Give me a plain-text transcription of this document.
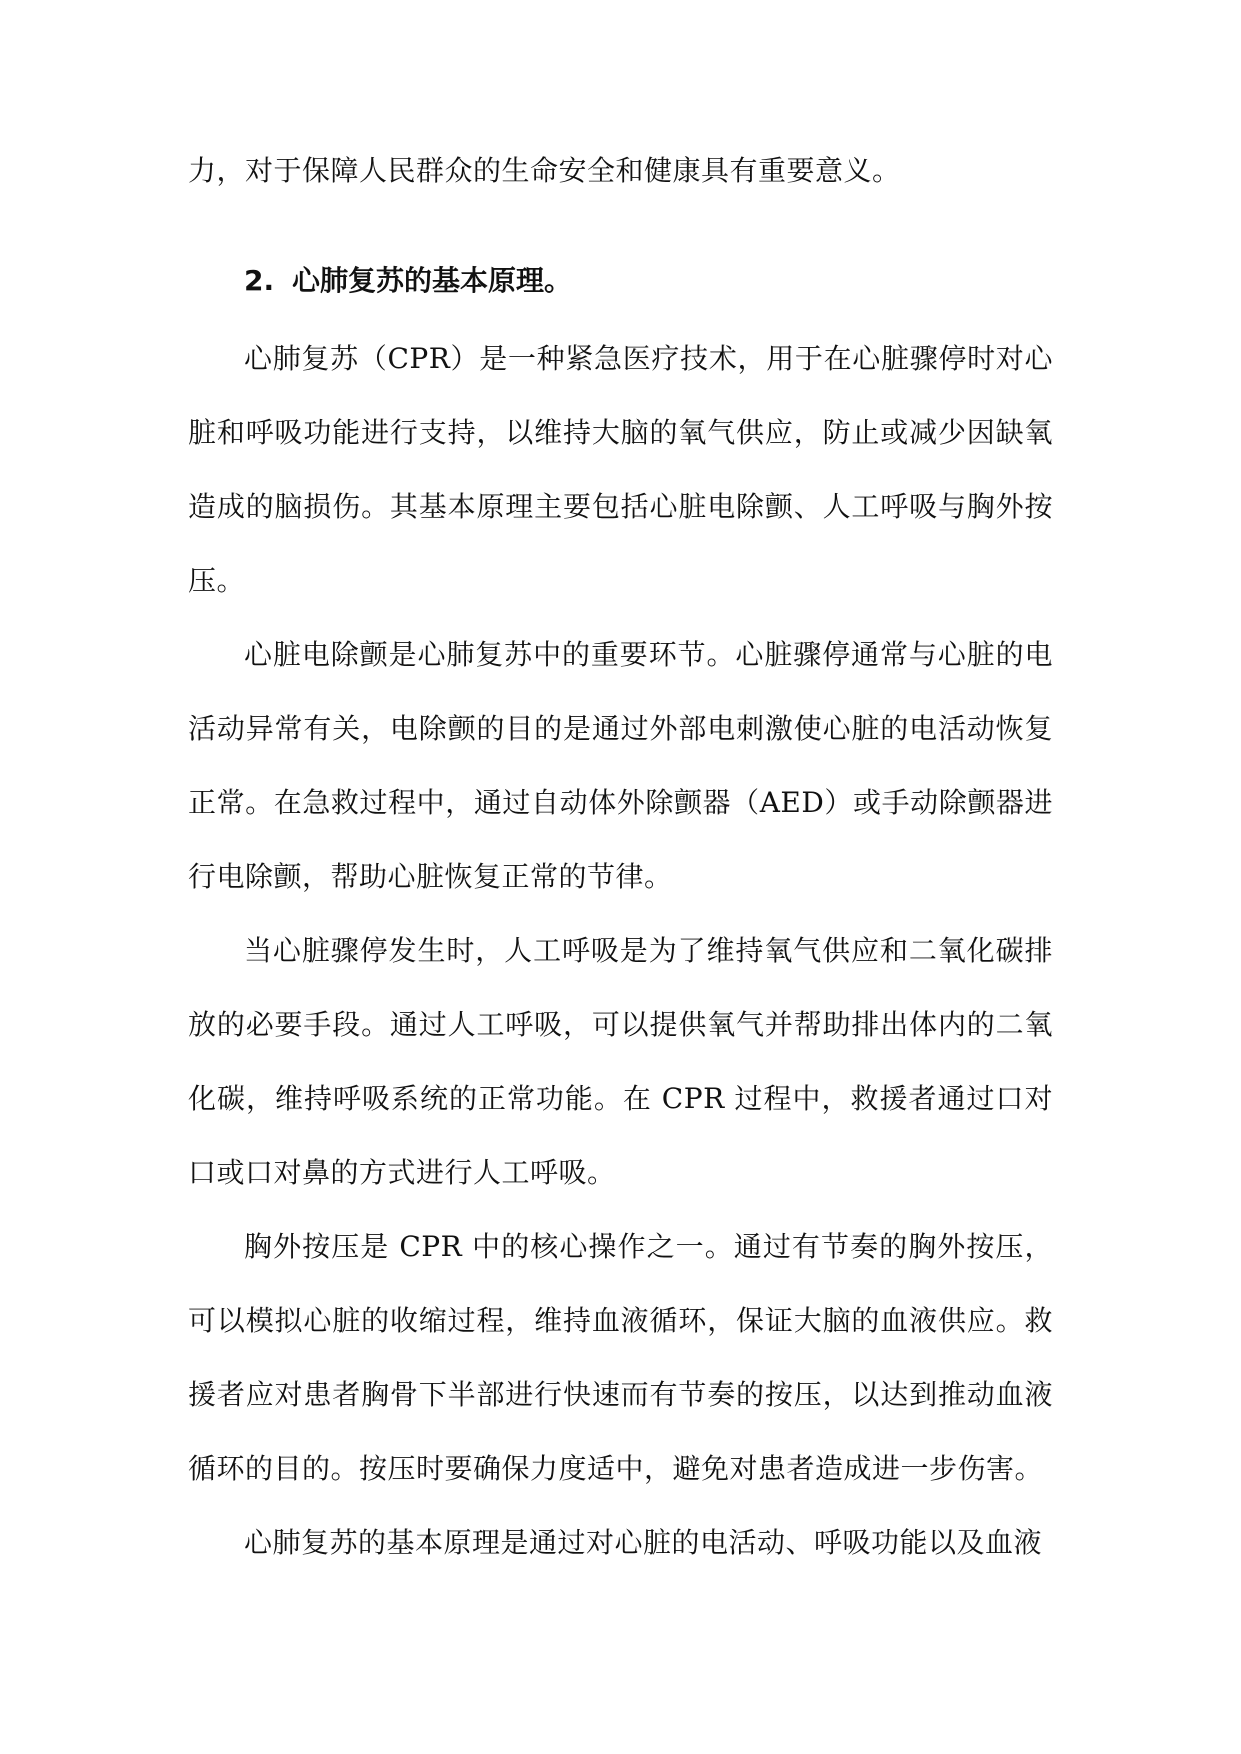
力，对于保障人民群众的生命安全和健康具有重要意义。
2. 心肺复苏的基本原理。

心肺复苏（CPR）是一种紧急医疗技术，用于在心脏骤停时对心脏和呼吸功能进行支持，以维持大脑的氧气供应，防止或减少因缺氧造成的脑损伤。其基本原理主要包括心脏电除颤、人工呼吸与胸外按压。

心脏电除颤是心肺复苏中的重要环节。心脏骤停通常与心脏的电活动异常有关，电除颤的目的是通过外部电刺激使心脏的电活动恢复正常。在急救过程中，通过自动体外除颤器（AED）或手动除颤器进行电除颤，帮助心脏恢复正常的节律。

当心脏骤停发生时，人工呼吸是为了维持氧气供应和二氧化碳排放的必要手段。通过人工呼吸，可以提供氧气并帮助排出体内的二氧化碳，维持呼吸系统的正常功能。在 CPR 过程中，救援者通过口对口或口对鼻的方式进行人工呼吸。

胸外按压是 CPR 中的核心操作之一。通过有节奏的胸外按压，可以模拟心脏的收缩过程，维持血液循环，保证大脑的血液供应。救援者应对患者胸骨下半部进行快速而有节奏的按压，以达到推动血液循环的目的。按压时要确保力度适中，避免对患者造成进一步伤害。

心肺复苏的基本原理是通过对心脏的电活动、呼吸功能以及血液
